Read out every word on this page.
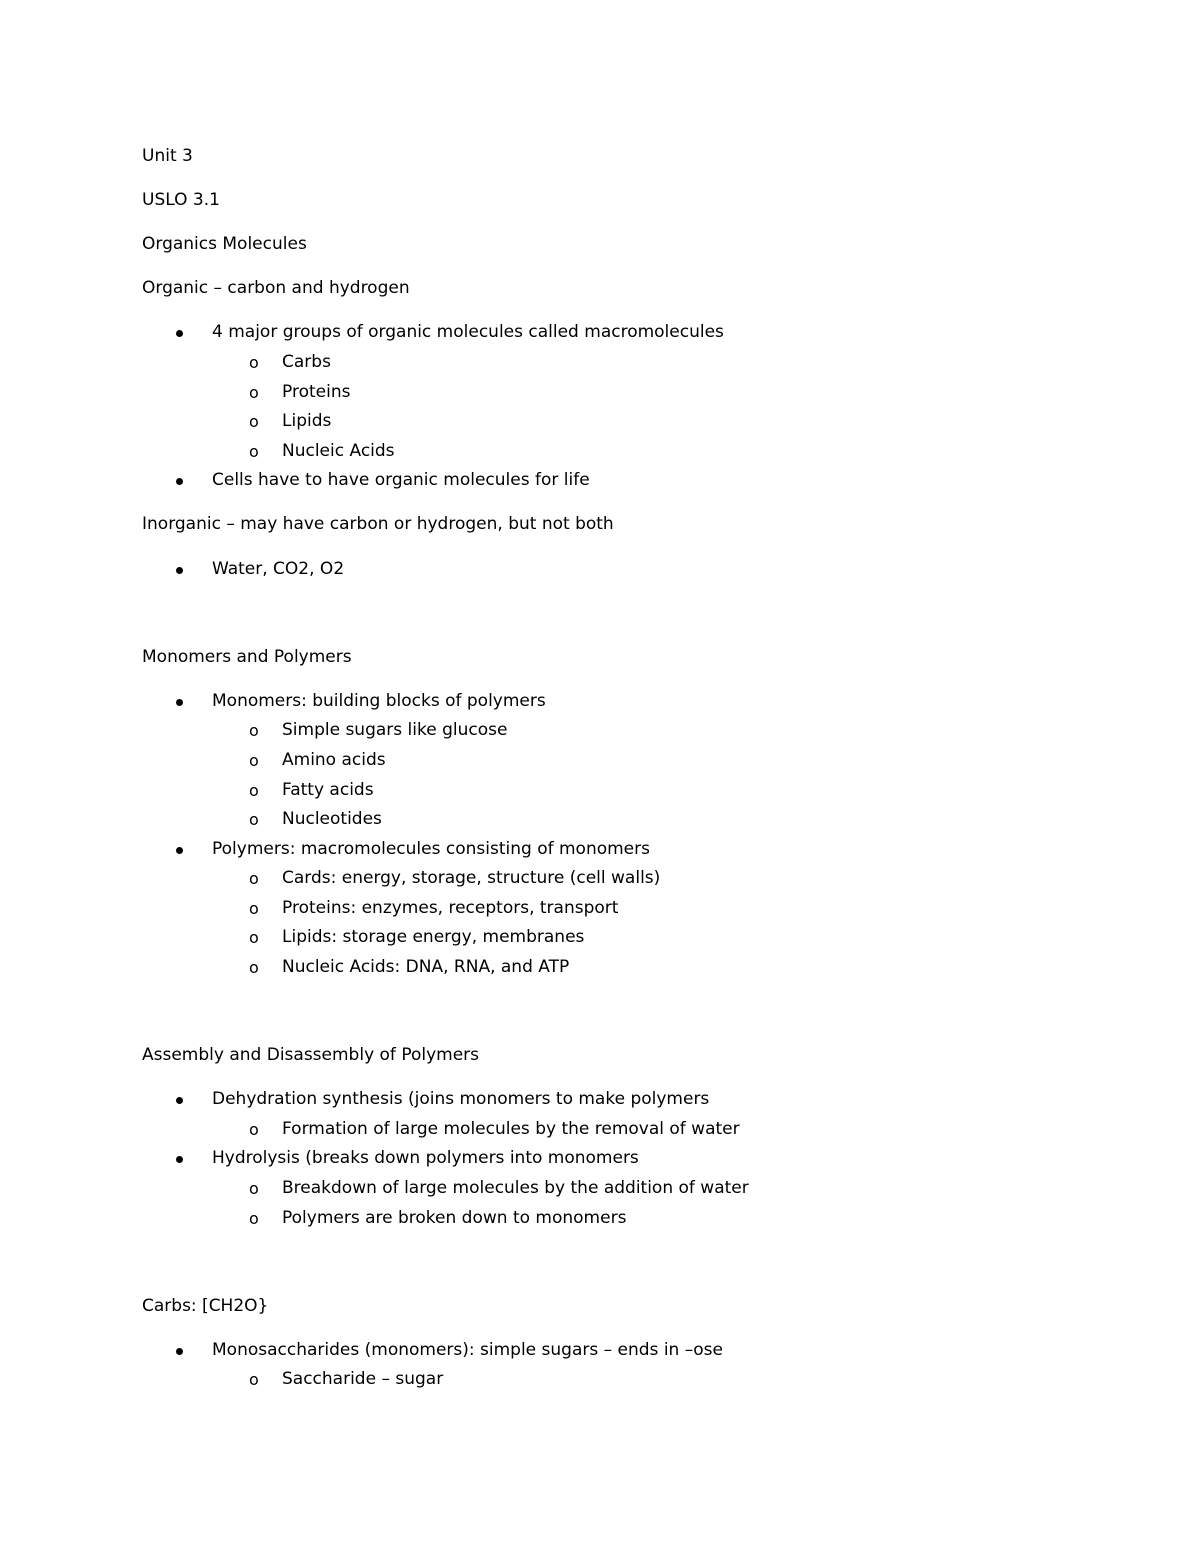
Unit 3

USLO 3.1

Organics Molecules

Organic – carbon and hydrogen

4 major groups of organic molecules called macromolecules
o Carbs
o Proteins
o Lipids
o Nucleic Acids
Cells have to have organic molecules for life

Inorganic – may have carbon or hydrogen, but not both

Water, CO2, O2

Monomers and Polymers

Monomers: building blocks of polymers
o Simple sugars like glucose
o Amino acids
o Fatty acids
o Nucleotides
Polymers: macromolecules consisting of monomers
o Cards: energy, storage, structure (cell walls)
o Proteins: enzymes, receptors, transport
o Lipids: storage energy, membranes
o Nucleic Acids: DNA, RNA, and ATP

Assembly and Disassembly of Polymers

Dehydration synthesis (joins monomers to make polymers
o Formation of large molecules by the removal of water
Hydrolysis (breaks down polymers into monomers
o Breakdown of large molecules by the addition of water
o Polymers are broken down to monomers

Carbs: [CH2O}

Monosaccharides (monomers): simple sugars – ends in –ose
o Saccharide – sugar
